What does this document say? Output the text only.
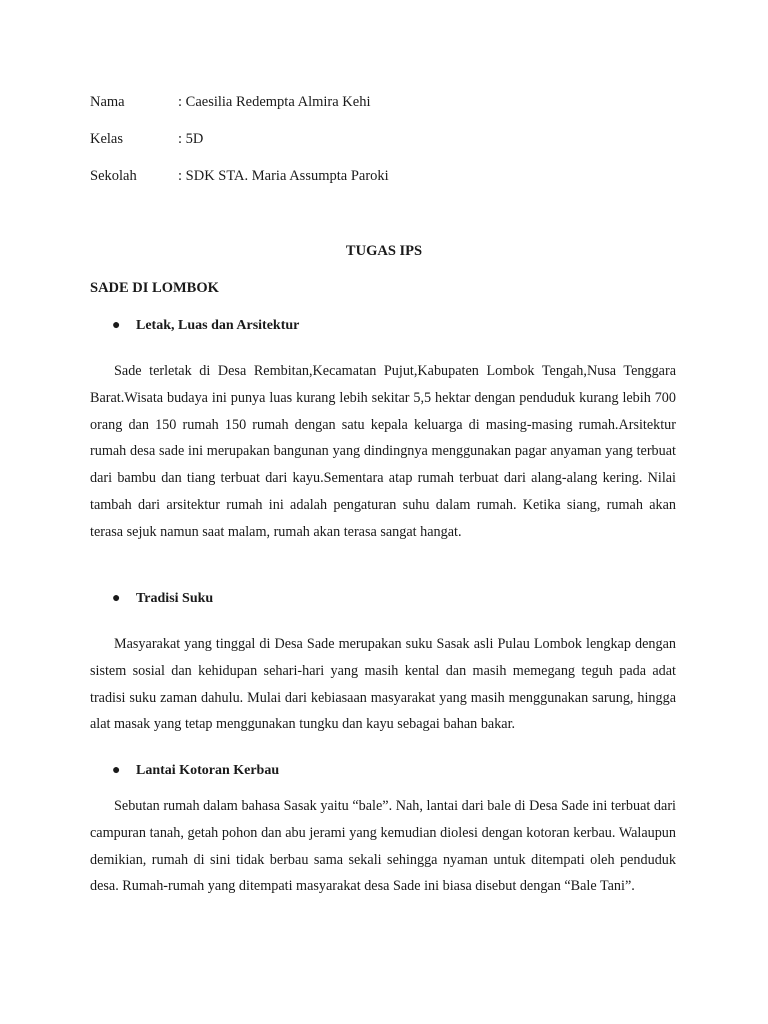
Nama	: Caesilia Redempta Almira Kehi
Kelas	: 5D
Sekolah	: SDK STA. Maria Assumpta Paroki
TUGAS IPS
SADE DI LOMBOK
● Letak, Luas dan Arsitektur

Sade terletak di Desa Rembitan,Kecamatan Pujut,Kabupaten Lombok Tengah,Nusa Tenggara Barat.Wisata budaya ini punya luas kurang lebih sekitar 5,5 hektar dengan penduduk kurang lebih 700 orang dan 150 rumah 150 rumah dengan satu kepala keluarga di masing-masing rumah.Arsitektur rumah desa sade ini merupakan bangunan yang dindingnya menggunakan pagar anyaman yang terbuat dari bambu dan tiang terbuat dari kayu.Sementara atap rumah terbuat dari alang-alang kering. Nilai tambah dari arsitektur rumah ini adalah pengaturan suhu dalam rumah. Ketika siang, rumah akan terasa sejuk namun saat malam, rumah akan terasa sangat hangat.

● Tradisi Suku

Masyarakat yang tinggal di Desa Sade merupakan suku Sasak asli Pulau Lombok lengkap dengan sistem sosial dan kehidupan sehari-hari yang masih kental dan masih memegang teguh pada adat tradisi suku zaman dahulu. Mulai dari kebiasaan masyarakat yang masih menggunakan sarung, hingga alat masak yang tetap menggunakan tungku dan kayu sebagai bahan bakar.

● Lantai Kotoran Kerbau

Sebutan rumah dalam bahasa Sasak yaitu “bale”. Nah, lantai dari bale di Desa Sade ini terbuat dari campuran tanah, getah pohon dan abu jerami yang kemudian diolesi dengan kotoran kerbau. Walaupun demikian, rumah di sini tidak berbau sama sekali sehingga nyaman untuk ditempati oleh penduduk desa. Rumah-rumah yang ditempati masyarakat desa Sade ini biasa disebut dengan “Bale Tani”.
